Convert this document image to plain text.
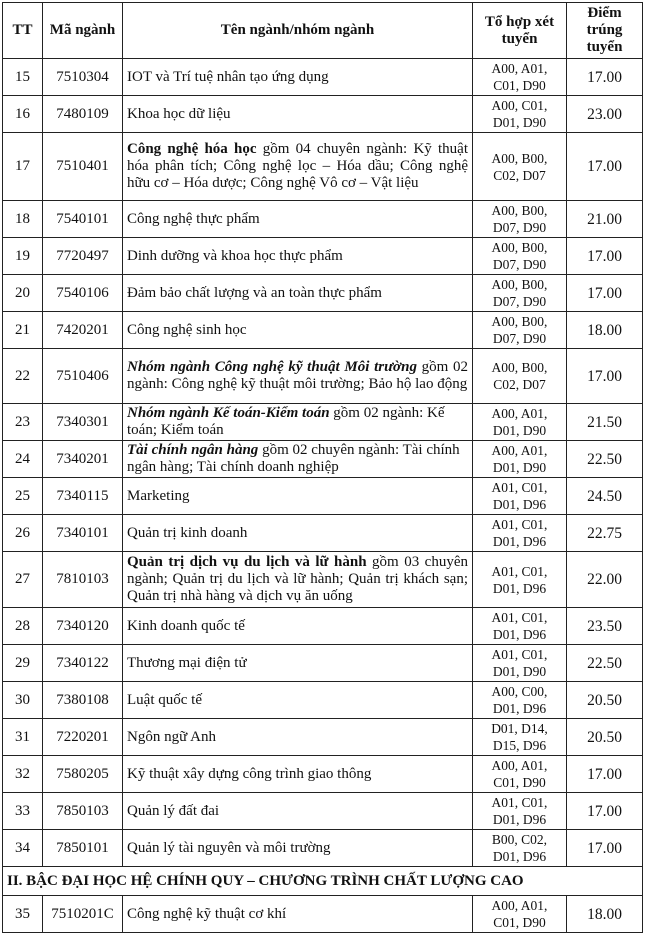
TT	Mã ngành	Tên ngành/nhóm ngành	Tổ hợp xét tuyển	Điểm trúng tuyển
15	7510304	IOT và Trí tuệ nhân tạo ứng dụng	A00, A01, C01, D90	17.00
16	7480109	Khoa học dữ liệu	A00, C01, D01, D90	23.00
17	7510401	Công nghệ hóa học gồm 04 chuyên ngành: Kỹ thuật hóa phân tích; Công nghệ lọc – Hóa dầu; Công nghệ hữu cơ – Hóa dược; Công nghệ Vô cơ – Vật liệu	A00, B00, C02, D07	17.00
18	7540101	Công nghệ thực phẩm	A00, B00, D07, D90	21.00
19	7720497	Dinh dưỡng và khoa học thực phẩm	A00, B00, D07, D90	17.00
20	7540106	Đảm bảo chất lượng và an toàn thực phẩm	A00, B00, D07, D90	17.00
21	7420201	Công nghệ sinh học	A00, B00, D07, D90	18.00
22	7510406	Nhóm ngành Công nghệ kỹ thuật Môi trường gồm 02 ngành: Công nghệ kỹ thuật môi trường; Bảo hộ lao động	A00, B00, C02, D07	17.00
23	7340301	Nhóm ngành Kế toán-Kiểm toán gồm 02 ngành: Kế toán; Kiểm toán	A00, A01, D01, D90	21.50
24	7340201	Tài chính ngân hàng gồm 02 chuyên ngành: Tài chính ngân hàng; Tài chính doanh nghiệp	A00, A01, D01, D90	22.50
25	7340115	Marketing	A01, C01, D01, D96	24.50
26	7340101	Quản trị kinh doanh	A01, C01, D01, D96	22.75
27	7810103	Quản trị dịch vụ du lịch và lữ hành gồm 03 chuyên ngành; Quản trị du lịch và lữ hành; Quản trị khách sạn; Quản trị nhà hàng và dịch vụ ăn uống	A01, C01, D01, D96	22.00
28	7340120	Kinh doanh quốc tế	A01, C01, D01, D96	23.50
29	7340122	Thương mại điện tử	A01, C01, D01, D90	22.50
30	7380108	Luật quốc tế	A00, C00, D01, D96	20.50
31	7220201	Ngôn ngữ Anh	D01, D14, D15, D96	20.50
32	7580205	Kỹ thuật xây dựng công trình giao thông	A00, A01, C01, D90	17.00
33	7850103	Quản lý đất đai	A01, C01, D01, D96	17.00
34	7850101	Quản lý tài nguyên và môi trường	B00, C02, D01, D96	17.00
II. BẬC ĐẠI HỌC HỆ CHÍNH QUY – CHƯƠNG TRÌNH CHẤT LƯỢNG CAO				
35	7510201C	Công nghệ kỹ thuật cơ khí	A00, A01, C01, D90	18.00
